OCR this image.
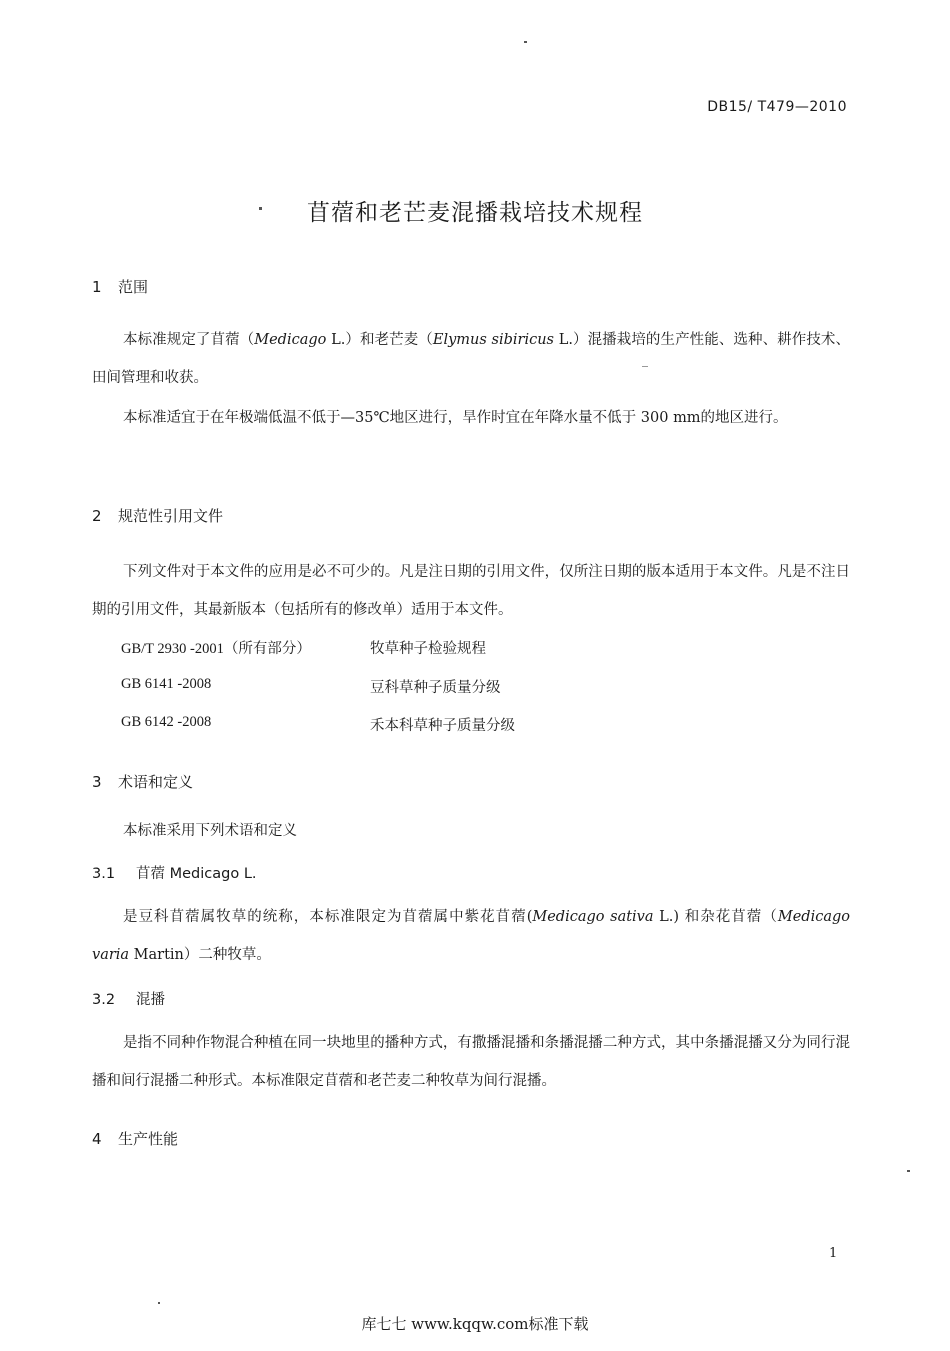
DB15/ T479—2010
苜蓿和老芒麦混播栽培技术规程
1 范围
本标准规定了苜蓿（Medicago L.）和老芒麦（Elymus sibiricus L.）混播栽培的生产性能、选种、耕作技术、田间管理和收获。
本标准适宜于在年极端低温不低于—35℃地区进行，旱作时宜在年降水量不低于 300 mm的地区进行。
2 规范性引用文件
下列文件对于本文件的应用是必不可少的。凡是注日期的引用文件，仅所注日期的版本适用于本文件。凡是不注日期的引用文件，其最新版本（包括所有的修改单）适用于本文件。
GB/T 2930 -2001（所有部分）	牧草种子检验规程
GB 6141 -2008	豆科草种子质量分级
GB 6142 -2008	禾本科草种子质量分级
3 术语和定义
本标准采用下列术语和定义
3.1 苜蓿 Medicago L.
是豆科苜蓿属牧草的统称，本标准限定为苜蓿属中紫花苜蓿(Medicago sativa L.) 和杂花苜蓿（Medicago varia Martin）二种牧草。
3.2 混播
是指不同种作物混合种植在同一块地里的播种方式，有撒播混播和条播混播二种方式，其中条播混播又分为同行混播和间行混播二种形式。本标准限定苜蓿和老芒麦二种牧草为间行混播。
4 生产性能
1
库七七 www.kqqw.com标准下载
